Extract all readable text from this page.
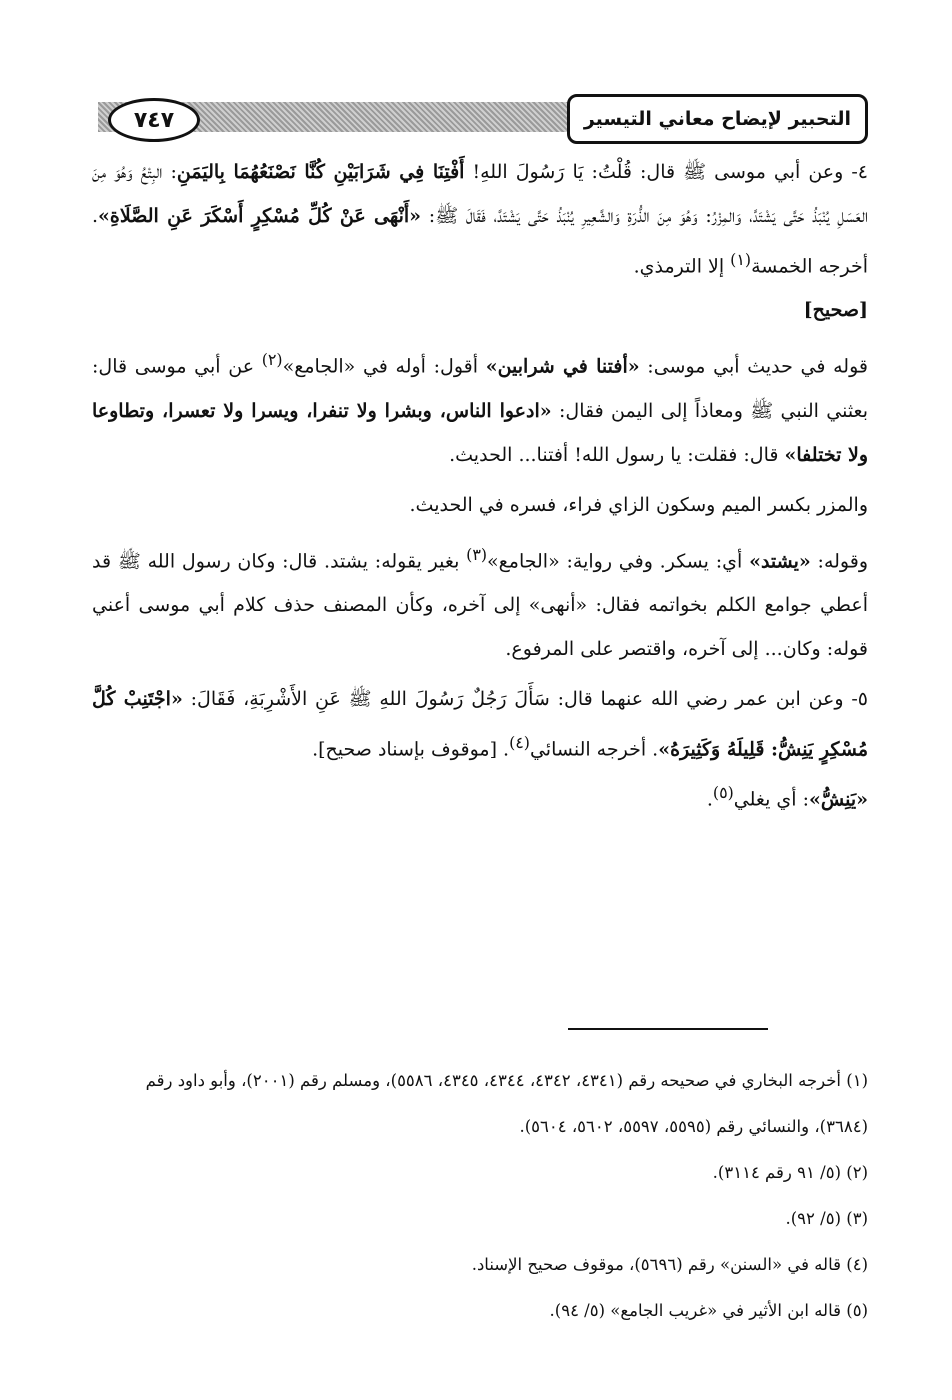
٧٤٧	التحبير لإيضاح معاني التيسير

٤- وعن أبي موسى ﷺ قال: قُلْتُ: يَا رَسُولَ اللهِ! أَفْتِنَا فِي شَرَابَيْنِ كُنَّا نَصْنَعُهُمَا بِاليَمَنِ: البِتْعُ وَهُوَ مِنَ العَسَلِ يُنْبَذُ حَتَّى يَشْتَدَّ، وَالمِزْرُ: وَهُوَ مِنَ الذُّرَةِ وَالشَّعِيرِ يُنْبَذُ حَتَّى يَشْتَدَّ، فَقَالَ ﷺ: «أَنْهَى عَنْ كُلِّ مُسْكِرٍ أَسْكَرَ عَنِ الصَّلَاةِ». أخرجه الخمسة$^{(١)}$ إلا الترمذي.
[صحيح]

قوله في حديث أبي موسى: «أفتنا في شرابين» أقول: أوله في «الجامع»$^{(٢)}$ عن أبي موسى قال: بعثني النبي ﷺ ومعاذاً إلى اليمن فقال: «ادعوا الناس، وبشرا ولا تنفرا، ويسرا ولا تعسرا، وتطاوعا ولا تختلفا» قال: فقلت: يا رسول الله! أفتنا... الحديث.

والمزر بكسر الميم وسكون الزاي فراء، فسره في الحديث.

وقوله: «يشتد» أي: يسكر. وفي رواية: «الجامع»$^{(٣)}$ بغير يقوله: يشتد. قال: وكان رسول الله ﷺ قد أعطي جوامع الكلم بخواتمه فقال: «أنهى» إلى آخره، وكأن المصنف حذف كلام أبي موسى أعني قوله: وكان... إلى آخره، واقتصر على المرفوع.

٥- وعن ابن عمر رضي الله عنهما قال: سَأَلَ رَجُلٌ رَسُولَ اللهِ ﷺ عَنِ الأَشْرِبَةِ، فَقَالَ: «اجْتَنِبْ كُلَّ مُسْكِرٍ يَنِشُّ: قَلِيلَهُ وَكَثِيرَهُ». أخرجه النسائي$^{(٤)}$. [موقوف بإسناد صحيح].

«يَنِشُّ»: أي يغلي$^{(٥)}$.

(١) أخرجه البخاري في صحيحه رقم (٤٣٤١، ٤٣٤٢، ٤٣٤٤، ٤٣٤٥، ٥٥٨٦)، ومسلم رقم (٢٠٠١)، وأبو داود رقم (٣٦٨٤)، والنسائي رقم (٥٥٩٥، ٥٥٩٧، ٥٦٠٢، ٥٦٠٤).

(٢) (٥/ ٩١ رقم ٣١١٤).

(٣) (٥/ ٩٢).

(٤) قاله في «السنن» رقم (٥٦٩٦)، موقوف صحيح الإسناد.

(٥) قاله ابن الأثير في «غريب الجامع» (٥/ ٩٤).
